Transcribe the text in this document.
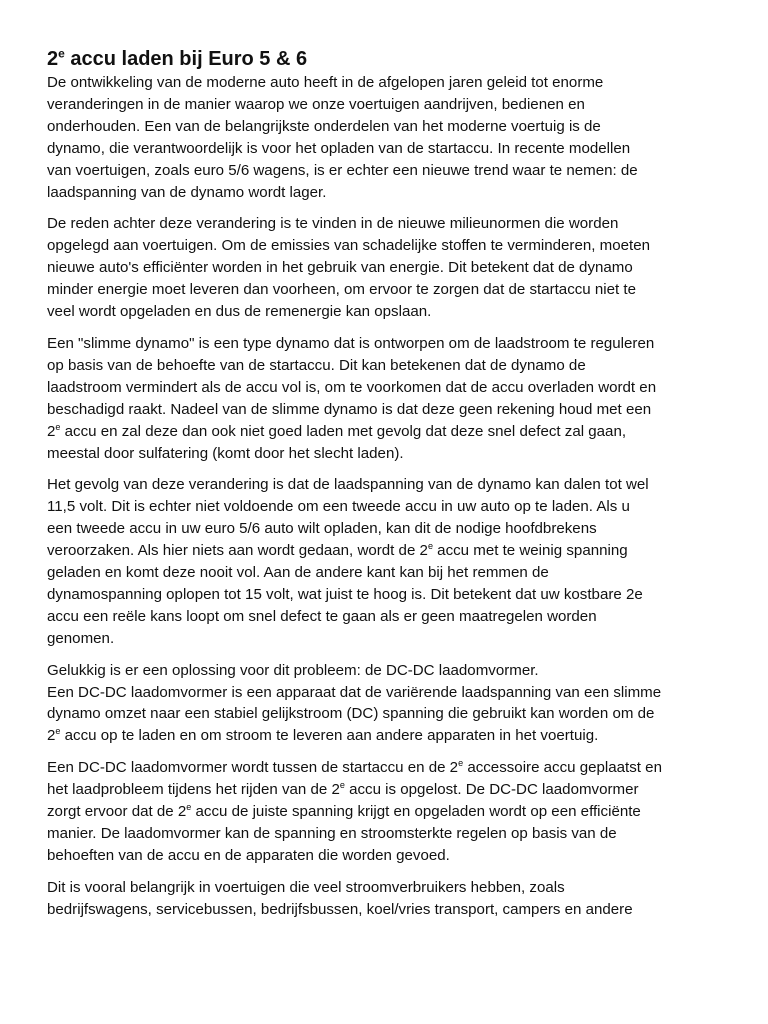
2e accu laden bij Euro 5 & 6
De ontwikkeling van de moderne auto heeft in de afgelopen jaren geleid tot enorme
veranderingen in de manier waarop we onze voertuigen aandrijven, bedienen en
onderhouden. Een van de belangrijkste onderdelen van het moderne voertuig is de
dynamo, die verantwoordelijk is voor het opladen van de startaccu. In recente modellen
van voertuigen, zoals euro 5/6 wagens, is er echter een nieuwe trend waar te nemen: de
laadspanning van de dynamo wordt lager.
De reden achter deze verandering is te vinden in de nieuwe milieunormen die worden
opgelegd aan voertuigen. Om de emissies van schadelijke stoffen te verminderen, moeten
nieuwe auto's efficiënter worden in het gebruik van energie. Dit betekent dat de dynamo
minder energie moet leveren dan voorheen, om ervoor te zorgen dat de startaccu niet te
veel wordt opgeladen en dus de remenergie kan opslaan.
Een "slimme dynamo" is een type dynamo dat is ontworpen om de laadstroom te reguleren
op basis van de behoefte van de startaccu. Dit kan betekenen dat de dynamo de
laadstroom vermindert als de accu vol is, om te voorkomen dat de accu overladen wordt en
beschadigd raakt. Nadeel van de slimme dynamo is dat deze geen rekening houd met een
2e accu en zal deze dan ook niet goed laden met gevolg dat deze snel defect zal gaan,
meestal door sulfatering (komt door het slecht laden).
Het gevolg van deze verandering is dat de laadspanning van de dynamo kan dalen tot wel
11,5 volt. Dit is echter niet voldoende om een tweede accu in uw auto op te laden. Als u
een tweede accu in uw euro 5/6 auto wilt opladen, kan dit de nodige hoofdbrekens
veroorzaken. Als hier niets aan wordt gedaan, wordt de 2e accu met te weinig spanning
geladen en komt deze nooit vol. Aan de andere kant kan bij het remmen de
dynamospanning oplopen tot 15 volt, wat juist te hoog is. Dit betekent dat uw kostbare 2e
accu een reële kans loopt om snel defect te gaan als er geen maatregelen worden
genomen.
Gelukkig is er een oplossing voor dit probleem: de DC-DC laadomvormer.
Een DC-DC laadomvormer is een apparaat dat de variërende laadspanning van een slimme
dynamo omzet naar een stabiel gelijkstroom (DC) spanning die gebruikt kan worden om de
2e accu op te laden en om stroom te leveren aan andere apparaten in het voertuig.
Een DC-DC laadomvormer wordt tussen de startaccu en de 2e accessoire accu geplaatst en
het laadprobleem tijdens het rijden van de 2e accu is opgelost. De DC-DC laadomvormer
zorgt ervoor dat de 2e accu de juiste spanning krijgt en opgeladen wordt op een efficiënte
manier. De laadomvormer kan de spanning en stroomsterkte regelen op basis van de
behoeften van de accu en de apparaten die worden gevoed.
Dit is vooral belangrijk in voertuigen die veel stroomverbruikers hebben, zoals
bedrijfswagens, servicebussen, bedrijfsbussen, koel/vries transport, campers en andere
